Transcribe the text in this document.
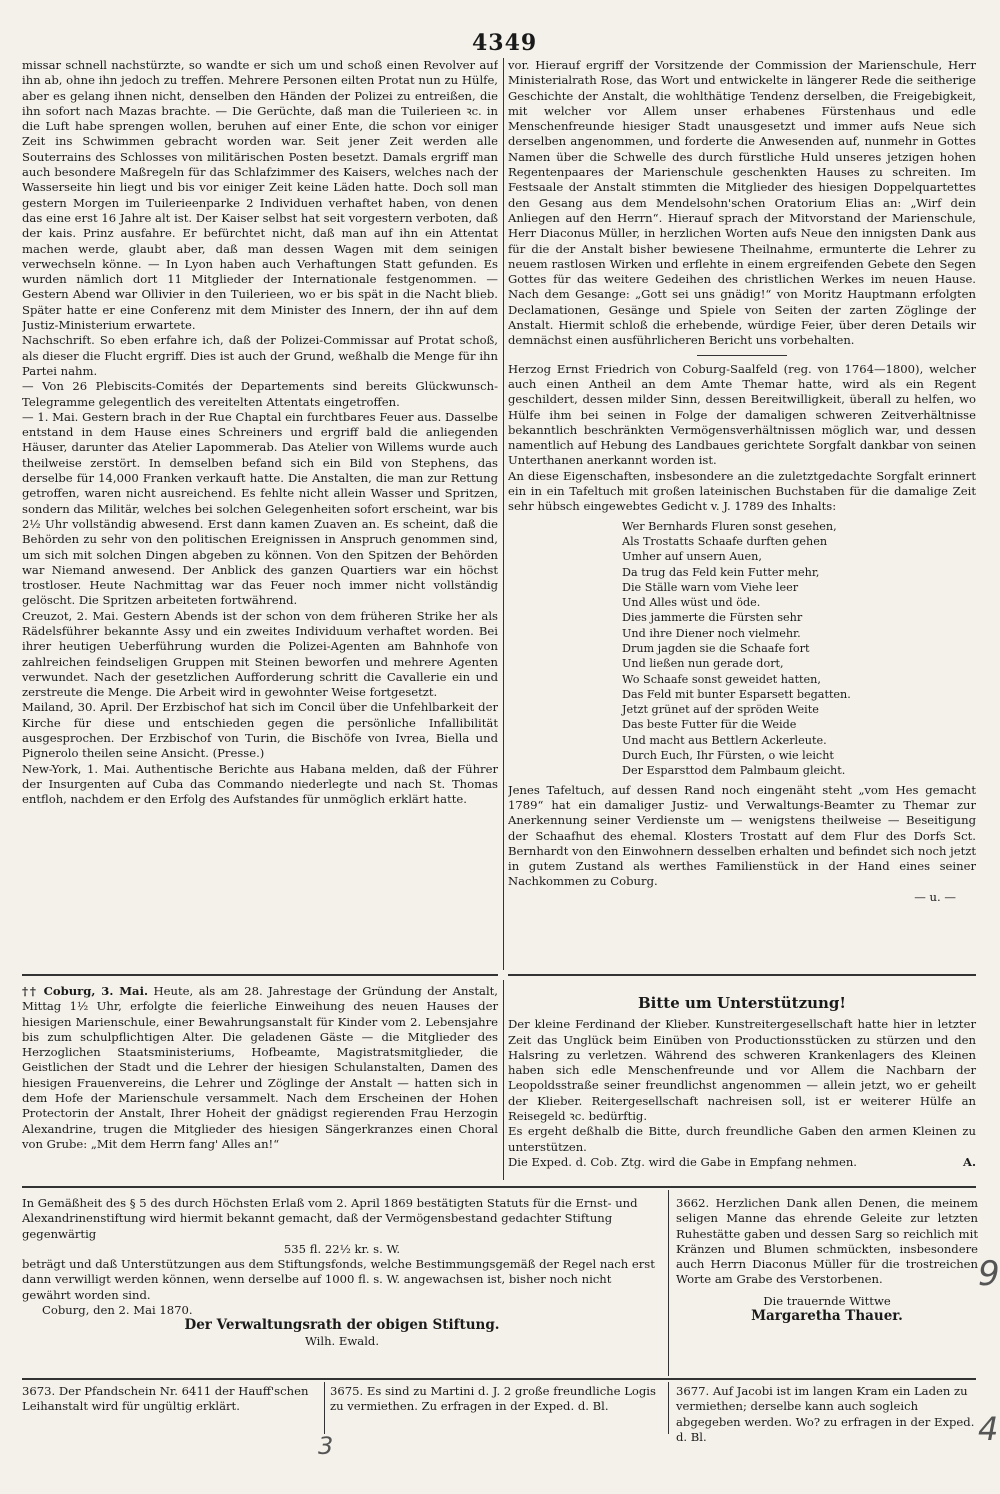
4349

missar schnell nachstürzte, so wandte er sich um und schoß einen Revolver auf ihn ab, ohne ihn jedoch zu treffen. Mehrere Personen eilten Protat nun zu Hülfe, aber es gelang ihnen nicht, denselben den Händen der Polizei zu entreißen, die ihn sofort nach Mazas brachte. — Die Gerüchte, daß man die Tuilerieen ꝛc. in die Luft habe sprengen wollen, beruhen auf einer Ente, die schon vor einiger Zeit ins Schwimmen gebracht worden war. Seit jener Zeit werden alle Souterrains des Schlosses von militärischen Posten besetzt. Damals ergriff man auch besondere Maßregeln für das Schlafzimmer des Kaisers, welches nach der Wasserseite hin liegt und bis vor einiger Zeit keine Läden hatte. Doch soll man gestern Morgen im Tuilerieenparke 2 Individuen verhaftet haben, von denen das eine erst 16 Jahre alt ist. Der Kaiser selbst hat seit vorgestern verboten, daß der kais. Prinz ausfahre. Er befürchtet nicht, daß man auf ihn ein Attentat machen werde, glaubt aber, daß man dessen Wagen mit dem seinigen verwechseln könne. — In Lyon haben auch Verhaftungen Statt gefunden. Es wurden nämlich dort 11 Mitglieder der Internationale festgenommen. — Gestern Abend war Ollivier in den Tuilerieen, wo er bis spät in die Nacht blieb. Später hatte er eine Conferenz mit dem Minister des Innern, der ihn auf dem Justiz-Ministerium erwartete.

Nachschrift. So eben erfahre ich, daß der Polizei-Commissar auf Protat schoß, als dieser die Flucht ergriff. Dies ist auch der Grund, weßhalb die Menge für ihn Partei nahm.

— Von 26 Plebiscits-Comités der Departements sind bereits Glückwunsch-Telegramme gelegentlich des vereitelten Attentats eingetroffen.

— 1. Mai. Gestern brach in der Rue Chaptal ein furchtbares Feuer aus. Dasselbe entstand in dem Hause eines Schreiners und ergriff bald die anliegenden Häuser, darunter das Atelier Lapommerab. Das Atelier von Willems wurde auch theilweise zerstört. In demselben befand sich ein Bild von Stephens, das derselbe für 14,000 Franken verkauft hatte. Die Anstalten, die man zur Rettung getroffen, waren nicht ausreichend. Es fehlte nicht allein Wasser und Spritzen, sondern das Militär, welches bei solchen Gelegenheiten sofort erscheint, war bis 2½ Uhr vollständig abwesend. Erst dann kamen Zuaven an. Es scheint, daß die Behörden zu sehr von den politischen Ereignissen in Anspruch genommen sind, um sich mit solchen Dingen abgeben zu können. Von den Spitzen der Behörden war Niemand anwesend. Der Anblick des ganzen Quartiers war ein höchst trostloser. Heute Nachmittag war das Feuer noch immer nicht vollständig gelöscht. Die Spritzen arbeiteten fortwährend.

Creuzot, 2. Mai. Gestern Abends ist der schon von dem früheren Strike her als Rädelsführer bekannte Assy und ein zweites Individuum verhaftet worden. Bei ihrer heutigen Ueberführung wurden die Polizei-Agenten am Bahnhofe von zahlreichen feindseligen Gruppen mit Steinen beworfen und mehrere Agenten verwundet. Nach der gesetzlichen Aufforderung schritt die Cavallerie ein und zerstreute die Menge. Die Arbeit wird in gewohnter Weise fortgesetzt.

Mailand, 30. April. Der Erzbischof hat sich im Concil über die Unfehlbarkeit der Kirche für diese und entschieden gegen die persönliche Infallibilität ausgesprochen. Der Erzbischof von Turin, die Bischöfe von Ivrea, Biella und Pignerolo theilen seine Ansicht. (Presse.)

New-York, 1. Mai. Authentische Berichte aus Habana melden, daß der Führer der Insurgenten auf Cuba das Commando niederlegte und nach St. Thomas entfloh, nachdem er den Erfolg des Aufstandes für unmöglich erklärt hatte.

vor. Hierauf ergriff der Vorsitzende der Commission der Marienschule, Herr Ministerialrath Rose, das Wort und entwickelte in längerer Rede die seitherige Geschichte der Anstalt, die wohlthätige Tendenz derselben, die Freigebigkeit, mit welcher vor Allem unser erhabenes Fürstenhaus und edle Menschenfreunde hiesiger Stadt unausgesetzt und immer aufs Neue sich derselben angenommen, und forderte die Anwesenden auf, nunmehr in Gottes Namen über die Schwelle des durch fürstliche Huld unseres jetzigen hohen Regentenpaares der Marienschule geschenkten Hauses zu schreiten. Im Festsaale der Anstalt stimmten die Mitglieder des hiesigen Doppelquartettes den Gesang aus dem Mendelsohn'schen Oratorium Elias an: „Wirf dein Anliegen auf den Herrn“. Hierauf sprach der Mitvorstand der Marienschule, Herr Diaconus Müller, in herzlichen Worten aufs Neue den innigsten Dank aus für die der Anstalt bisher bewiesene Theilnahme, ermunterte die Lehrer zu neuem rastlosen Wirken und erflehte in einem ergreifenden Gebete den Segen Gottes für das weitere Gedeihen des christlichen Werkes im neuen Hause. Nach dem Gesange: „Gott sei uns gnädig!“ von Moritz Hauptmann erfolgten Declamationen, Gesänge und Spiele von Seiten der zarten Zöglinge der Anstalt. Hiermit schloß die erhebende, würdige Feier, über deren Details wir demnächst einen ausführlicheren Bericht uns vorbehalten.

Herzog Ernst Friedrich von Coburg-Saalfeld (reg. von 1764—1800), welcher auch einen Antheil an dem Amte Themar hatte, wird als ein Regent geschildert, dessen milder Sinn, dessen Bereitwilligkeit, überall zu helfen, wo Hülfe ihm bei seinen in Folge der damaligen schweren Zeitverhältnisse bekanntlich beschränkten Vermögensverhältnissen möglich war, und dessen namentlich auf Hebung des Landbaues gerichtete Sorgfalt dankbar von seinen Unterthanen anerkannt worden ist.

An diese Eigenschaften, insbesondere an die zuletztgedachte Sorgfalt erinnert ein in ein Tafeltuch mit großen lateinischen Buchstaben für die damalige Zeit sehr hübsch eingewebtes Gedicht v. J. 1789 des Inhalts:

Wer Bernhards Fluren sonst gesehen,
Als Trostatts Schaafe durften gehen
Umher auf unsern Auen,
Da trug das Feld kein Futter mehr,
Die Ställe warn vom Viehe leer
Und Alles wüst und öde.
Dies jammerte die Fürsten sehr
Und ihre Diener noch vielmehr.
Drum jagden sie die Schaafe fort
Und ließen nun gerade dort,
Wo Schaafe sonst geweidet hatten,
Das Feld mit bunter Esparsett begatten.
Jetzt grünet auf der spröden Weite
Das beste Futter für die Weide
Und macht aus Bettlern Ackerleute.
Durch Euch, Ihr Fürsten, o wie leicht
Der Esparsttod dem Palmbaum gleicht.

Jenes Tafeltuch, auf dessen Rand noch eingenäht steht „vom Hes gemacht 1789“ hat ein damaliger Justiz- und Verwaltungs-Beamter zu Themar zur Anerkennung seiner Verdienste um — wenigstens theilweise — Beseitigung der Schaafhut des ehemal. Klosters Trostatt auf dem Flur des Dorfs Sct. Bernhardt von den Einwohnern desselben erhalten und befindet sich noch jetzt in gutem Zustand als werthes Familienstück in der Hand eines seiner Nachkommen zu Coburg.

— u. —

†† Coburg, 3. Mai. Heute, als am 28. Jahrestage der Gründung der Anstalt, Mittag 1½ Uhr, erfolgte die feierliche Einweihung des neuen Hauses der hiesigen Marienschule, einer Bewahrungsanstalt für Kinder vom 2. Lebensjahre bis zum schulpflichtigen Alter. Die geladenen Gäste — die Mitglieder des Herzoglichen Staatsministeriums, Hofbeamte, Magistratsmitglieder, die Geistlichen der Stadt und die Lehrer der hiesigen Schulanstalten, Damen des hiesigen Frauenvereins, die Lehrer und Zöglinge der Anstalt — hatten sich in dem Hofe der Marienschule versammelt. Nach dem Erscheinen der Hohen Protectorin der Anstalt, Ihrer Hoheit der gnädigst regierenden Frau Herzogin Alexandrine, trugen die Mitglieder des hiesigen Sängerkranzes einen Choral von Grube: „Mit dem Herrn fang' Alles an!“
Bitte um Unterstützung!

Der kleine Ferdinand der Klieber. Kunstreitergesellschaft hatte hier in letzter Zeit das Unglück beim Einüben von Productionsstücken zu stürzen und den Halsring zu verletzen. Während des schweren Krankenlagers des Kleinen haben sich edle Menschenfreunde und vor Allem die Nachbarn der Leopoldsstraße seiner freundlichst angenommen — allein jetzt, wo er geheilt der Klieber. Reitergesellschaft nachreisen soll, ist er weiterer Hülfe an Reisegeld ꝛc. bedürftig.

Es ergeht deßhalb die Bitte, durch freundliche Gaben den armen Kleinen zu unterstützen.

Die Exped. d. Cob. Ztg. wird die Gabe in Empfang nehmen.	A.

In Gemäßheit des § 5 des durch Höchsten Erlaß vom 2. April 1869 bestätigten Statuts für die Ernst- und Alexandrinenstiftung wird hiermit bekannt gemacht, daß der Vermögensbestand gedachter Stiftung gegenwärtig
535 fl. 22½ kr. s. W.
beträgt und daß Unterstützungen aus dem Stiftungsfonds, welche Bestimmungsgemäß der Regel nach erst dann verwilligt werden können, wenn derselbe auf 1000 fl. s. W. angewachsen ist, bisher noch nicht gewährt worden sind.
Coburg, den 2. Mai 1870.
Der Verwaltungsrath der obigen Stiftung.
Wilh. Ewald.
3662. Herzlichen Dank allen Denen, die meinem seligen Manne das ehrende Geleite zur letzten Ruhestätte gaben und dessen Sarg so reichlich mit Kränzen und Blumen schmückten, insbesondere auch Herrn Diaconus Müller für die trostreichen Worte am Grabe des Verstorbenen.
Die trauernde Wittwe
Margaretha Thauer.
3673. Der Pfandschein Nr. 6411 der Hauff'schen Leihanstalt wird für ungültig erklärt.
3675. Es sind zu Martini d. J. 2 große freundliche Logis zu vermiethen. Zu erfragen in der Exped. d. Bl.
3677. Auf Jacobi ist im langen Kram ein Laden zu vermiethen; derselbe kann auch sogleich abgegeben werden. Wo? zu erfragen in der Exped. d. Bl.
3
9
4
